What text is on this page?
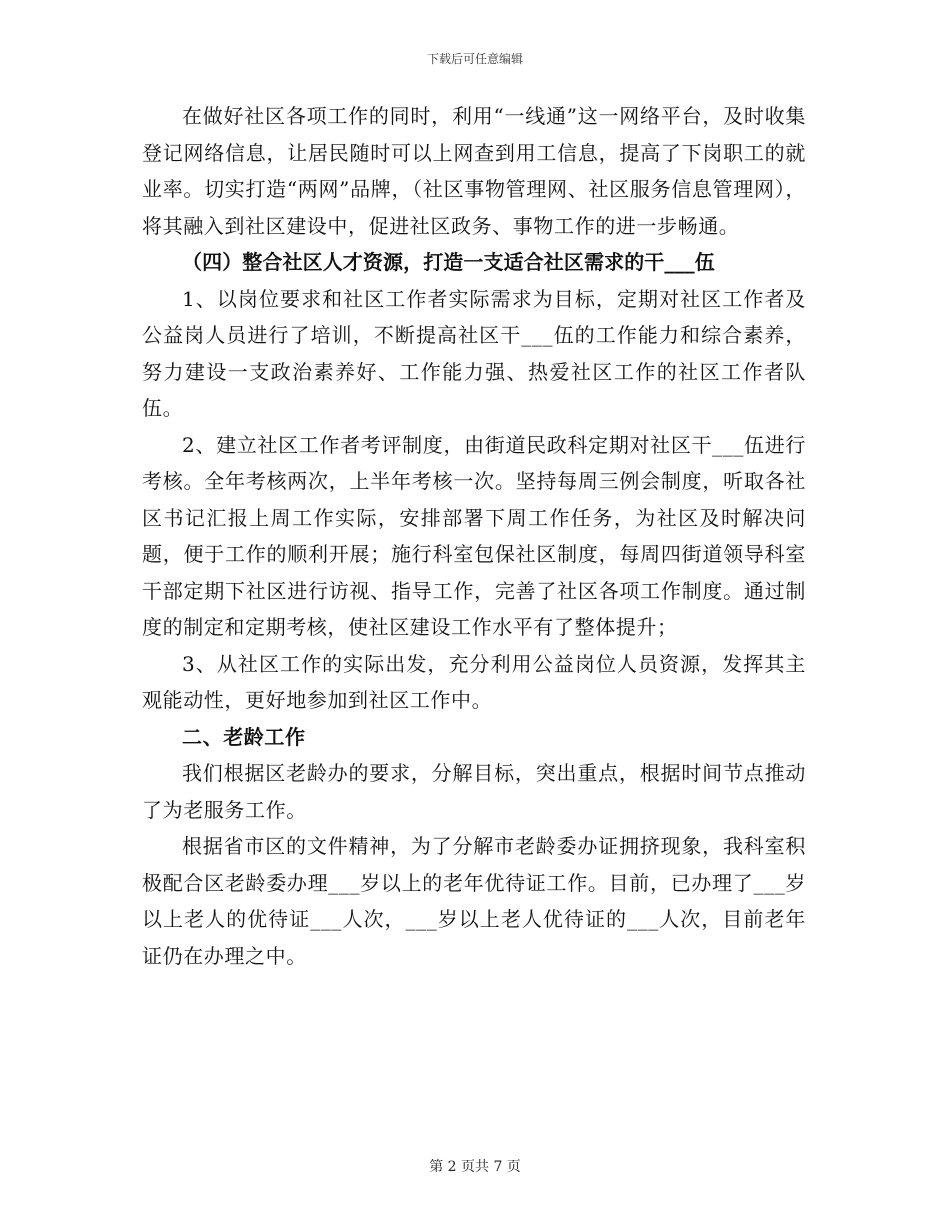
下载后可任意编辑

在做好社区各项工作的同时，利用“一线通”这一网络平台，及时收集登记网络信息，让居民随时可以上网查到用工信息，提高了下岗职工的就业率。切实打造“两网”品牌，（社区事物管理网、社区服务信息管理网），将其融入到社区建设中，促进社区政务、事物工作的进一步畅通。

（四）整合社区人才资源，打造一支适合社区需求的干___伍

1、以岗位要求和社区工作者实际需求为目标，定期对社区工作者及公益岗人员进行了培训，不断提高社区干___伍的工作能力和综合素养，努力建设一支政治素养好、工作能力强、热爱社区工作的社区工作者队伍。

2、建立社区工作者考评制度，由街道民政科定期对社区干___伍进行考核。全年考核两次，上半年考核一次。坚持每周三例会制度，听取各社区书记汇报上周工作实际，安排部署下周工作任务，为社区及时解决问题，便于工作的顺利开展；施行科室包保社区制度，每周四街道领导科室干部定期下社区进行访视、指导工作，完善了社区各项工作制度。通过制度的制定和定期考核，使社区建设工作水平有了整体提升；

3、从社区工作的实际出发，充分利用公益岗位人员资源，发挥其主观能动性，更好地参加到社区工作中。

二、老龄工作

我们根据区老龄办的要求，分解目标，突出重点，根据时间节点推动了为老服务工作。

根据省市区的文件精神，为了分解市老龄委办证拥挤现象，我科室积极配合区老龄委办理___岁以上的老年优待证工作。目前，已办理了___岁以上老人的优待证___人次，___岁以上老人优待证的___人次，目前老年证仍在办理之中。

第 2 页共 7 页
